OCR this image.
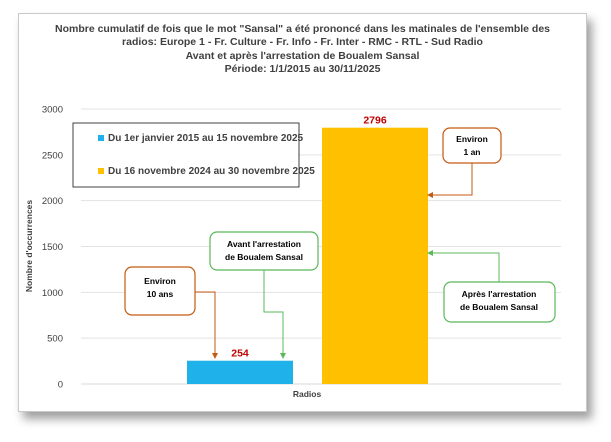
Nombre cumulatif de fois que le mot "Sansal" a été prononcé dans les matinales de l'ensemble des
radios: Europe 1 - Fr. Culture - Fr. Info - Fr. Inter - RMC - RTL - Sud Radio
Avant et après l'arrestation de Boualem Sansal
Période: 1/1/2015 au 30/11/2025
0
500
1000
1500
2000
2500
3000
254
2796
Radios
Nombre d'occurrences
Du 1er janvier 2015 au 15 novembre 2025
Du 16 novembre 2024 au 30 novembre 2025
Environ
10 ans
Avant l'arrestation
de Boualem Sansal
Environ
1 an
Après l'arrestation
de Boualem Sansal
